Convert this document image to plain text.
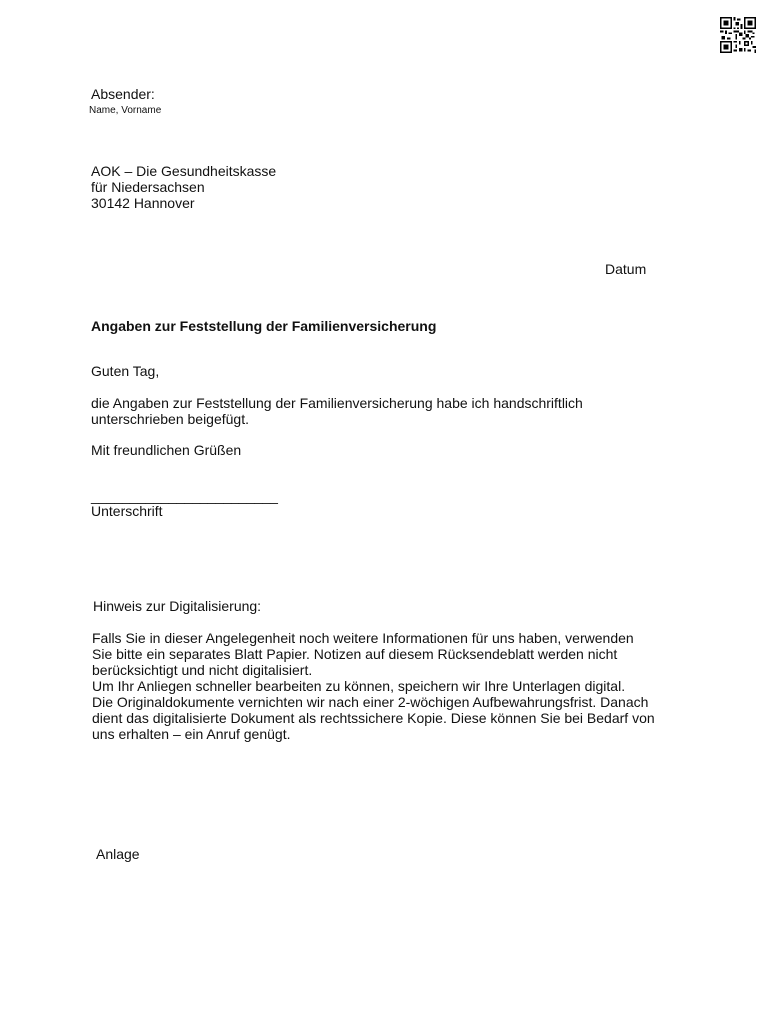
Absender:
Name, Vorname
AOK – Die Gesundheitskasse
für Niedersachsen
30142 Hannover
Datum
Angaben zur Feststellung der Familienversicherung
Guten Tag,
die Angaben zur Feststellung der Familienversicherung habe ich handschriftlich
unterschrieben beigefügt.
Mit freundlichen Grüßen
________________________
Unterschrift
Hinweis zur Digitalisierung:
Falls Sie in dieser Angelegenheit noch weitere Informationen für uns haben, verwenden
Sie bitte ein separates Blatt Papier. Notizen auf diesem Rücksendeblatt werden nicht
berücksichtigt und nicht digitalisiert.
Um Ihr Anliegen schneller bearbeiten zu können, speichern wir Ihre Unterlagen digital.
Die Originaldokumente vernichten wir nach einer 2-wöchigen Aufbewahrungsfrist. Danach
dient das digitalisierte Dokument als rechtssichere Kopie. Diese können Sie bei Bedarf von
uns erhalten – ein Anruf genügt.
Anlage
